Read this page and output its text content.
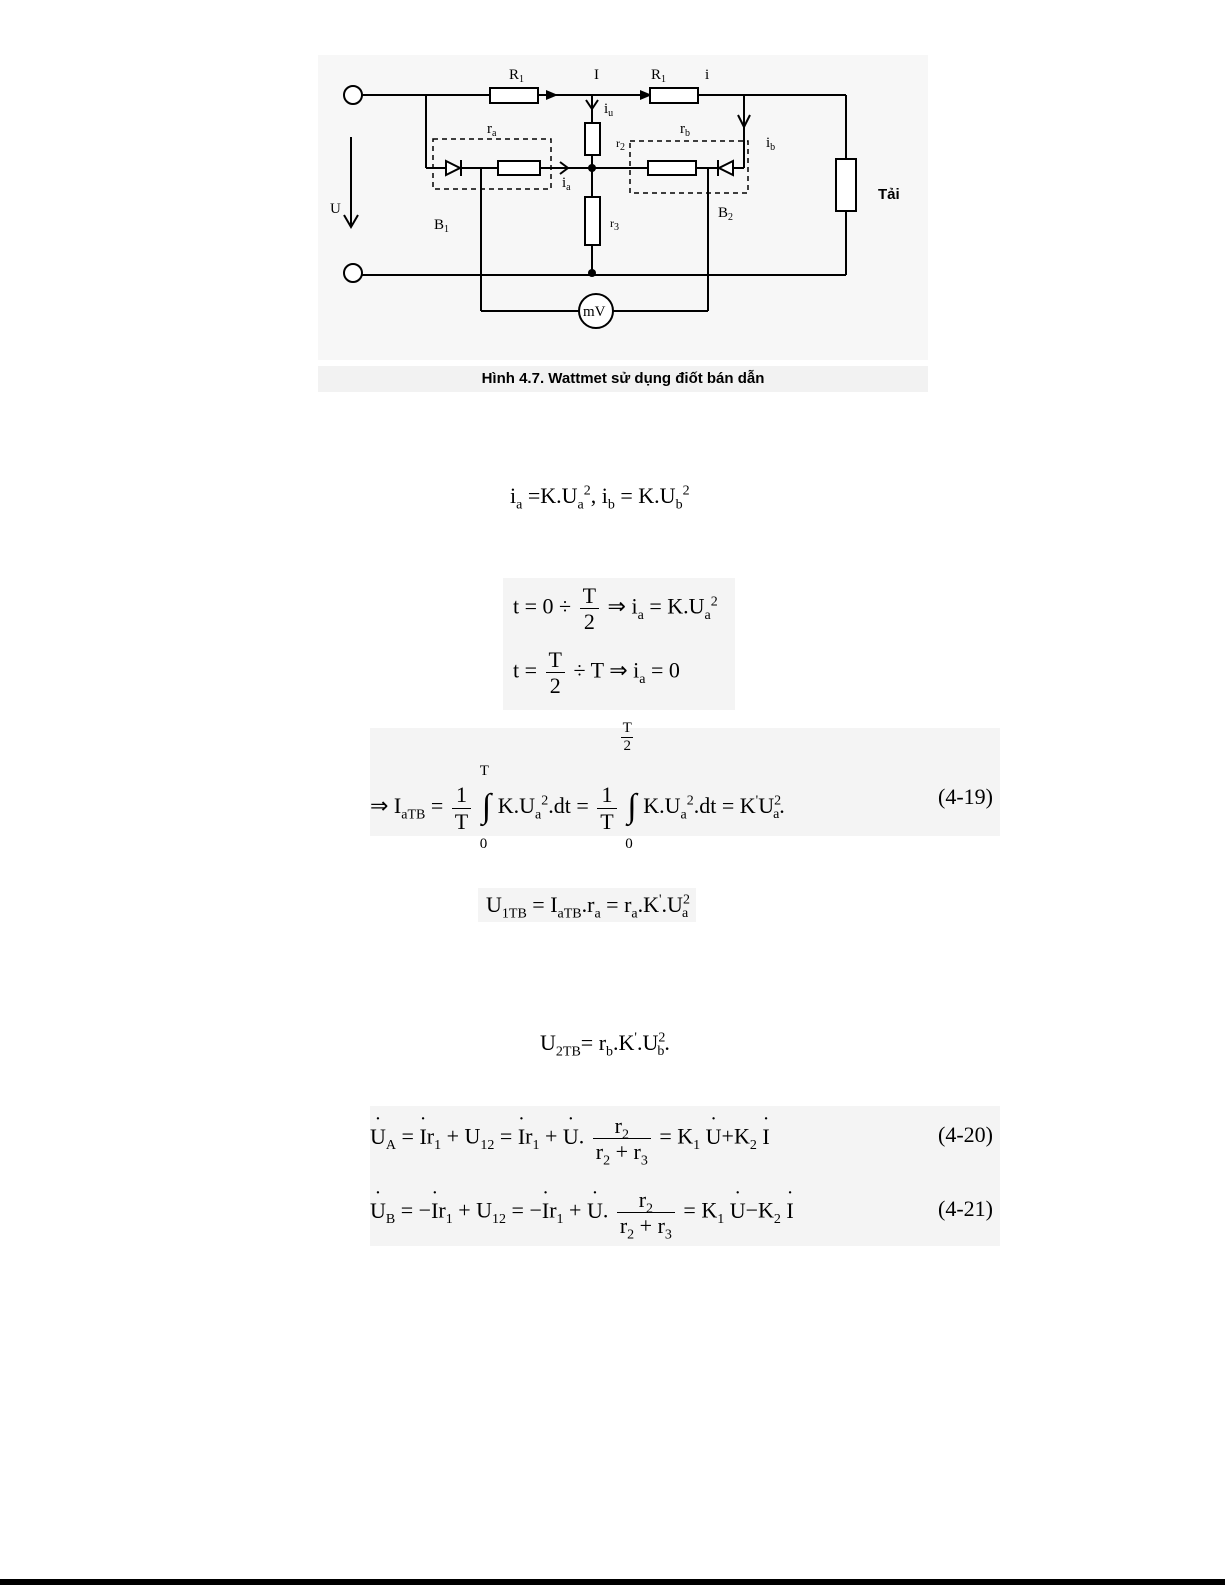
$R_1$	I	$R_1$	i
$i_u$
$r_a$	$r_b$
$r_2$	$i_b$
$i_a$
$r_3$
U
$B_1$
$B_2$
Tải
mV
Hình 4.7. Wattmet sử dụng điốt bán dẫn
$i_a =K.U_a^2$, $i_b = K.U_b^2$
$t = 0 \div \frac{T}{2}$ ⇒ $i_a = K.U_a^2$
$t = \frac{T}{2} \div T$ ⇒ $i_a = 0$
⇒ $I_{aTB} = \frac{1}{T}$

T
∫
0
$K.U_a^2.dt = \frac{1}{T}$

T
2
∫
0
$K.U_a^2.dt = K'U^2_a$.	(4-19)
$U_{1TB} = I_{aTB}.r_a = r_a.K'.U^2_a$
$U_{2TB}= r_b.K'.U^2_b$.
˙ $U_A$ = ˙ $Ir_1 + U_{12}$ = ˙ $Ir_1$ + ˙ U. $\frac{r_2}{r_2 + r_3} = K_1$ ˙ $U+K_2$ ˙ I	(4-20)
˙ $U_B$ = −˙ $Ir_1 + U_{12}$ = −˙ $Ir_1$ + ˙ U. $\frac{r_2}{r_2 + r_3} = K_1$ ˙ $U-K_2$ ˙ I	(4-21)
